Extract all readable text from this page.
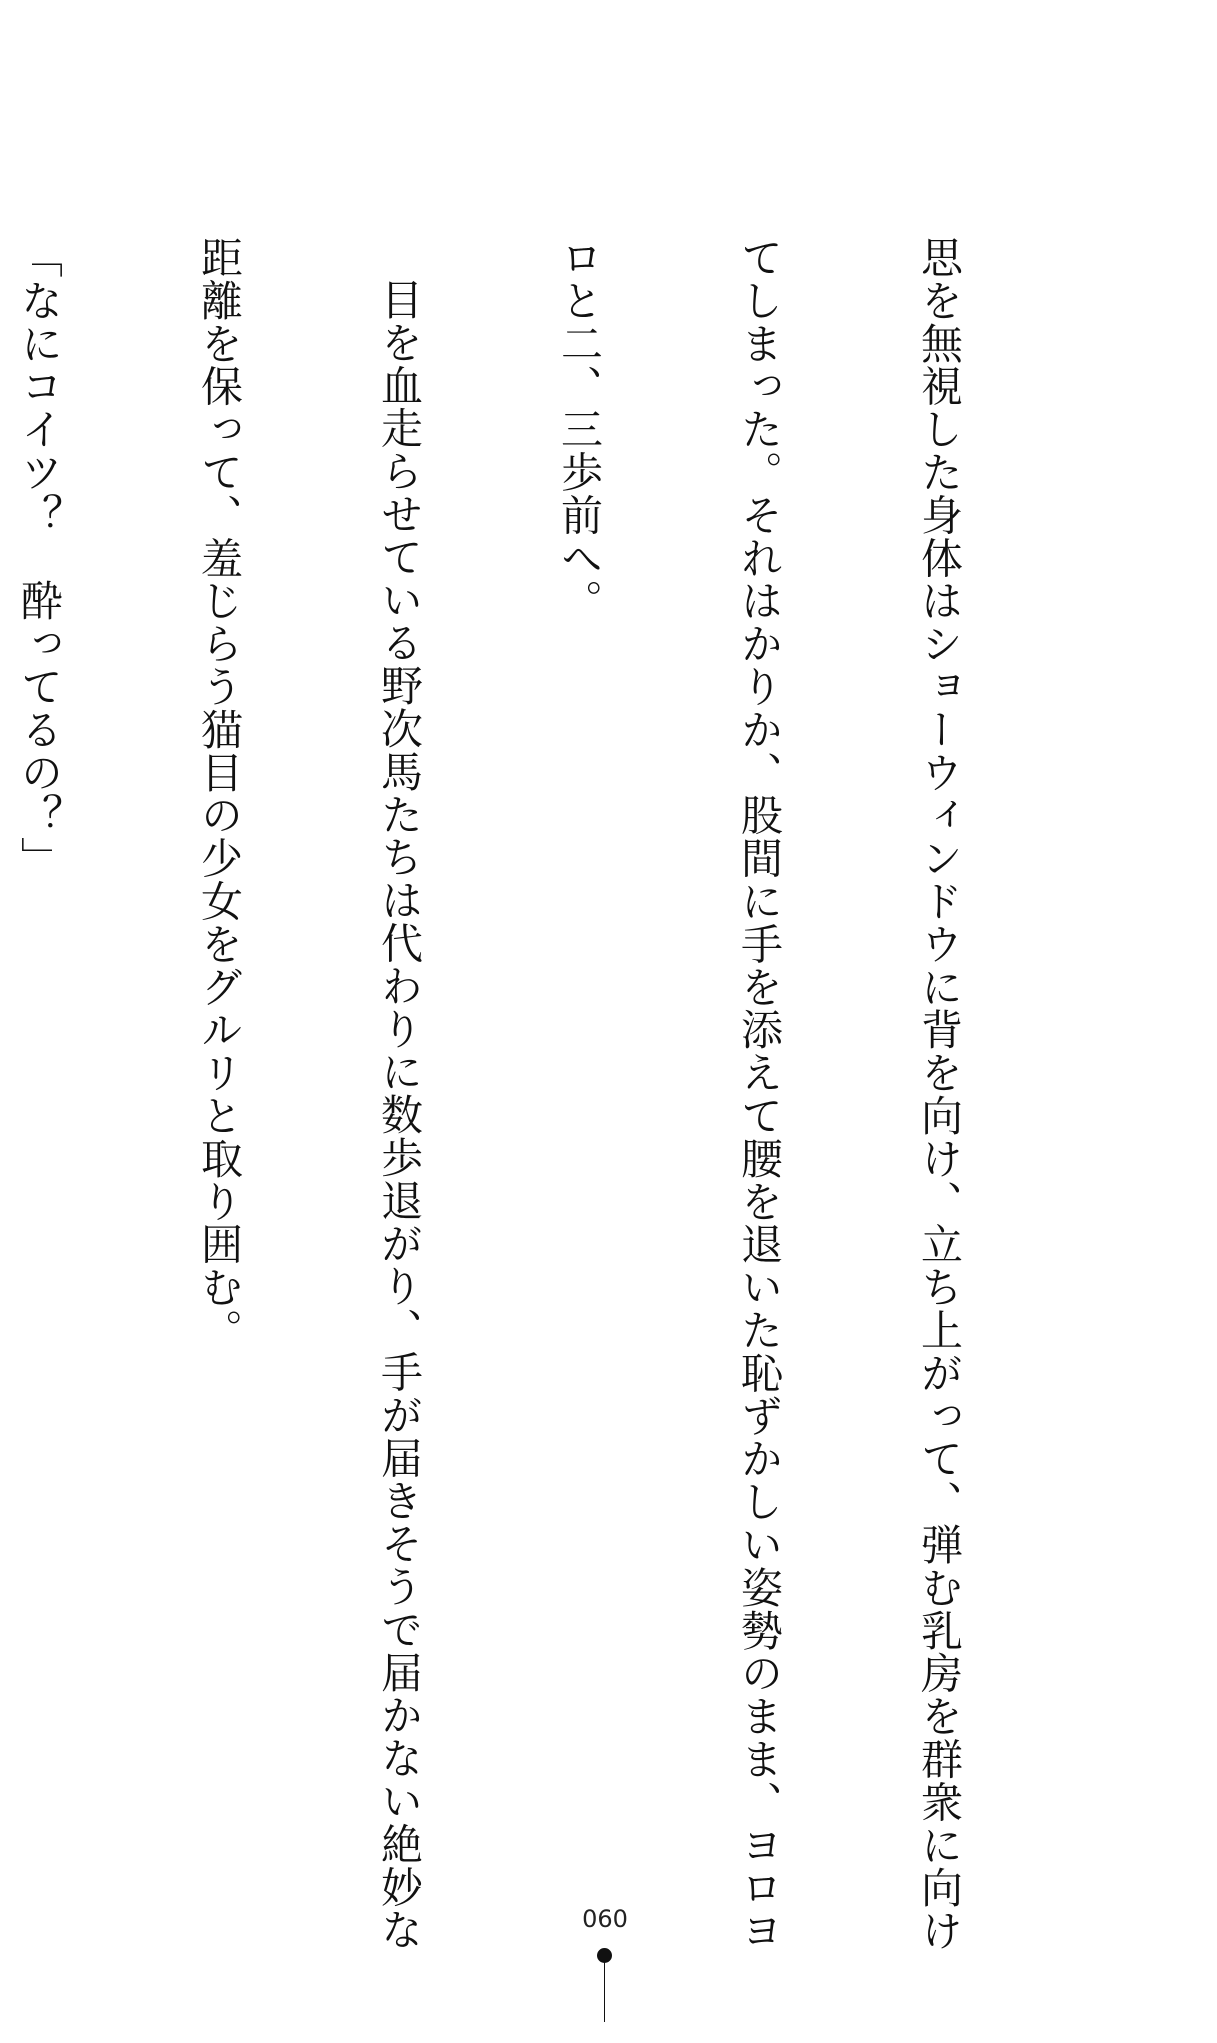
思を無視した身体はショーウィンドウに背を向け、立ち上がって、弾む乳房を群衆に向け

てしまった。それはかりか、股間に手を添えて腰を退いた恥ずかしい姿勢のまま、ヨロヨ

ロと二、三歩前へ。

目を血走らせている野次馬たちは代わりに数歩退がり、手が届きそうで届かない絶妙な

距離を保って、羞じらう猫目の少女をグルリと取り囲む。

「なにコイツ？　酔ってるの？」

060
